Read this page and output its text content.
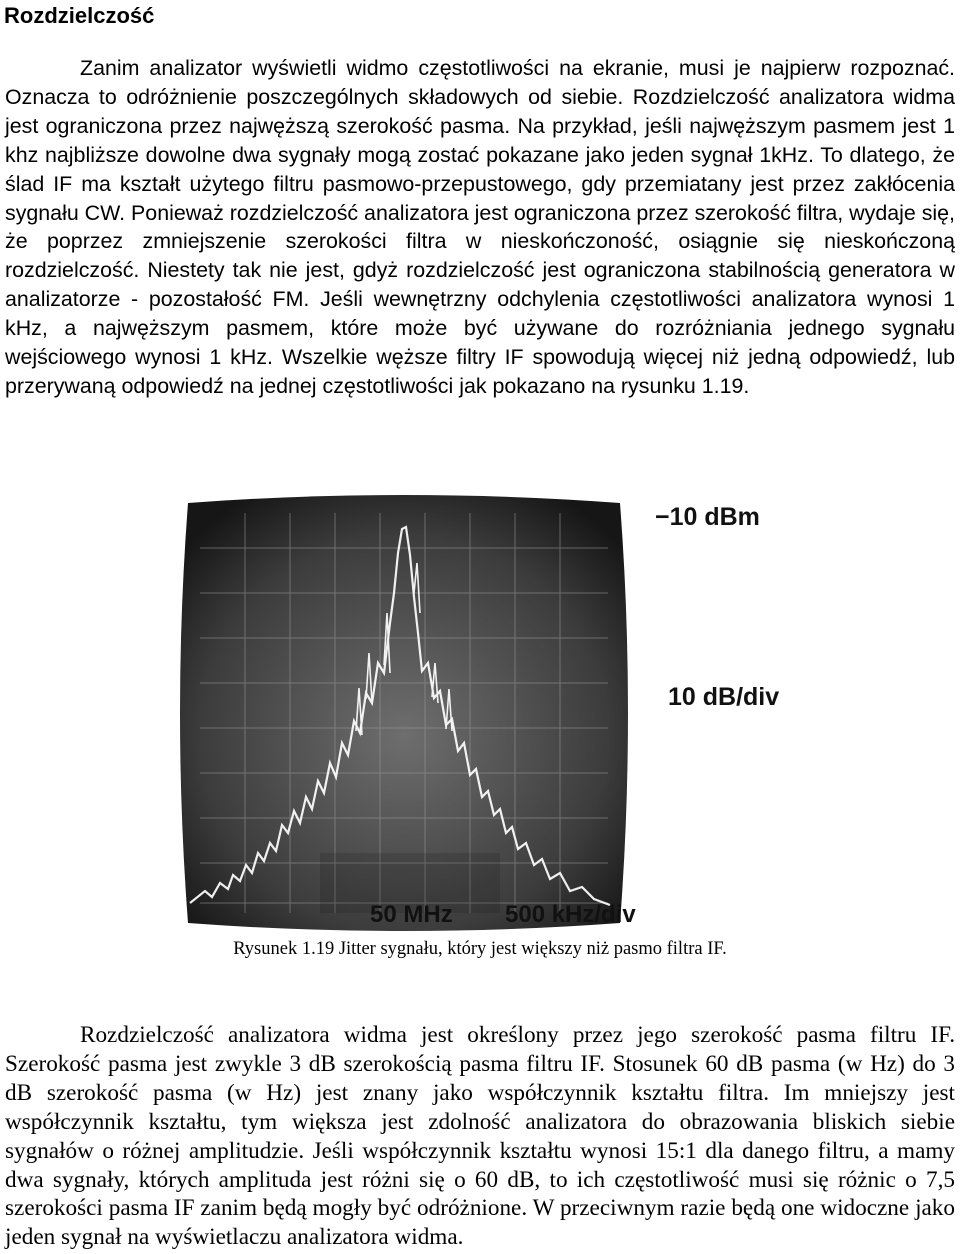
Rozdzielczość

Zanim analizator wyświetli widmo częstotliwości na ekranie, musi je najpierw rozpoznać. Oznacza to odróżnienie poszczególnych składowych od siebie. Rozdzielczość analizatora widma jest ograniczona przez najwęższą szerokość pasma. Na przykład, jeśli najwęższym pasmem jest 1 khz najbliższe dowolne dwa sygnały mogą zostać pokazane jako jeden sygnał 1kHz. To dlatego, że ślad IF ma kształt użytego filtru pasmowo-przepustowego, gdy przemiatany jest przez zakłócenia sygnału CW. Ponieważ rozdzielczość analizatora jest ograniczona przez szerokość filtra, wydaje się, że poprzez zmniejszenie szerokości filtra w nieskończoność, osiągnie się nieskończoną rozdzielczość. Niestety tak nie jest, gdyż rozdzielczość jest ograniczona stabilnością generatora w analizatorze - pozostałość FM. Jeśli wewnętrzny odchylenia częstotliwości analizatora wynosi 1 kHz, a najwęższym pasmem, które może być używane do rozróżniania jednego sygnału wejściowego wynosi 1 kHz. Wszelkie węższe filtry IF spowodują więcej niż jedną odpowiedź, lub przerywaną odpowiedź na jednej częstotliwości jak pokazano na rysunku 1.19.

−10 dBm
10 dB/div
50 MHz 500 kHz/div
Rysunek 1.19 Jitter sygnału, który jest większy niż pasmo filtra IF.

Rozdzielczość analizatora widma jest określony przez jego szerokość pasma filtru IF. Szerokość pasma jest zwykle 3 dB szerokością pasma filtru IF. Stosunek 60 dB pasma (w Hz) do 3 dB szerokość pasma (w Hz) jest znany jako współczynnik kształtu filtra. Im mniejszy jest współczynnik kształtu, tym większa jest zdolność analizatora do obrazowania bliskich siebie sygnałów o różnej amplitudzie. Jeśli współczynnik kształtu wynosi 15:1 dla danego filtru, a mamy dwa sygnały, których amplituda jest różni się o 60 dB, to ich częstotliwość musi się różnic o 7,5 szerokości pasma IF zanim będą mogły być odróżnione. W przeciwnym razie będą one widoczne jako jeden sygnał na wyświetlaczu analizatora widma.
